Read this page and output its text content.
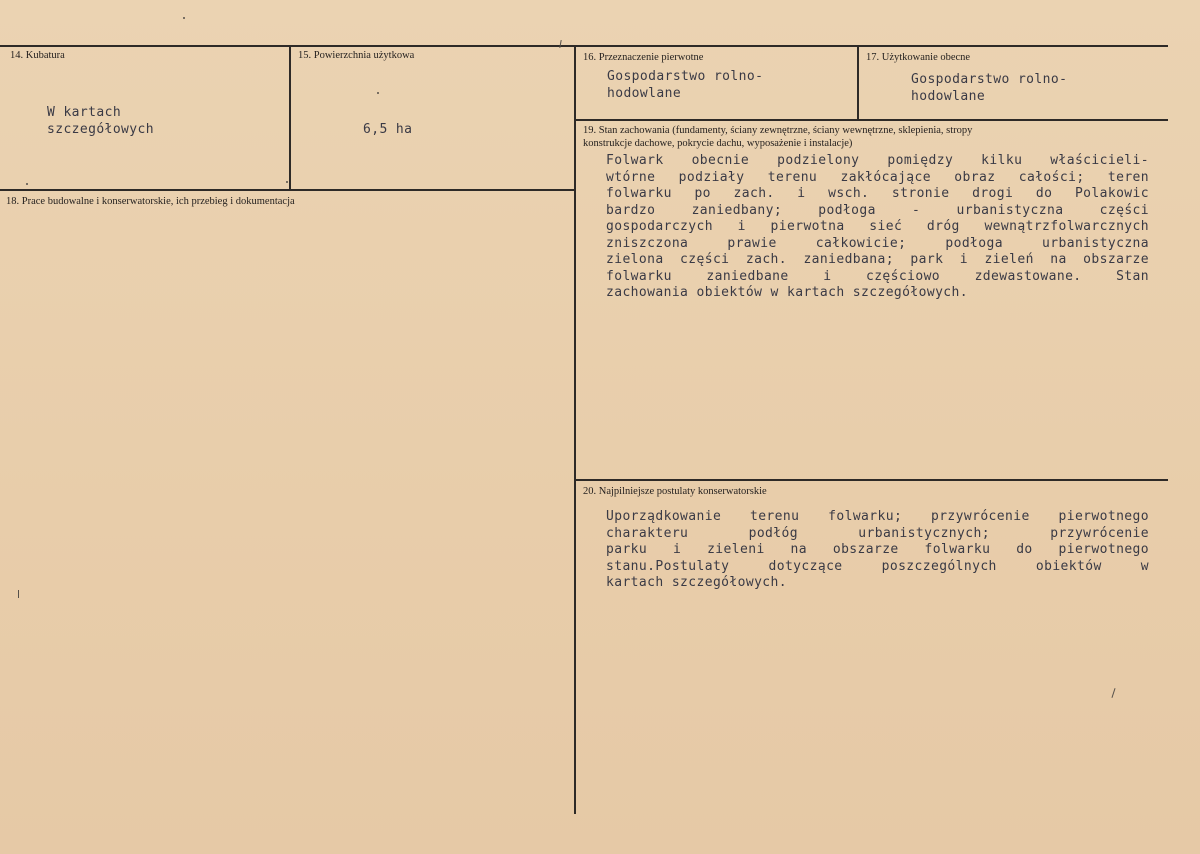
14. Kubatura
W kartach
szczegółowych
15. Powierzchnia użytkowa
6,5 ha
16. Przeznaczenie pierwotne
Gospodarstwo rolno-
hodowlane
17. Użytkowanie obecne
Gospodarstwo rolno-
hodowlane
18. Prace budowalne i konserwatorskie, ich przebieg i dokumentacja
19. Stan zachowania (fundamenty, ściany zewnętrzne, ściany wewnętrzne, sklepienia, stropy
konstrukcje dachowe, pokrycie dachu, wyposażenie i instalacje)
Folwark obecnie podzielony pomiędzy kilku właścicieli-
wtórne podziały terenu zakłócające obraz całości; teren
folwarku po zach. i wsch. stronie drogi do Polakowic
bardzo zaniedbany; podłoga - urbanistyczna części
gospodarczych i pierwotna sieć dróg wewnątrzfolwarcznych
zniszczona prawie całkowicie; podłoga urbanistyczna
zielona części zach. zaniedbana; park i zieleń na obszarze
folwarku zaniedbane i częściowo zdewastowane. Stan
zachowania obiektów w kartach szczegółowych.
20. Najpilniejsze postulaty konserwatorskie
Uporządkowanie terenu folwarku; przywrócenie pierwotnego
charakteru podłóg urbanistycznych; przywrócenie
parku i zieleni na obszarze folwarku do pierwotnego
stanu.Postulaty dotyczące poszczególnych obiektów w
kartach szczegółowych.
